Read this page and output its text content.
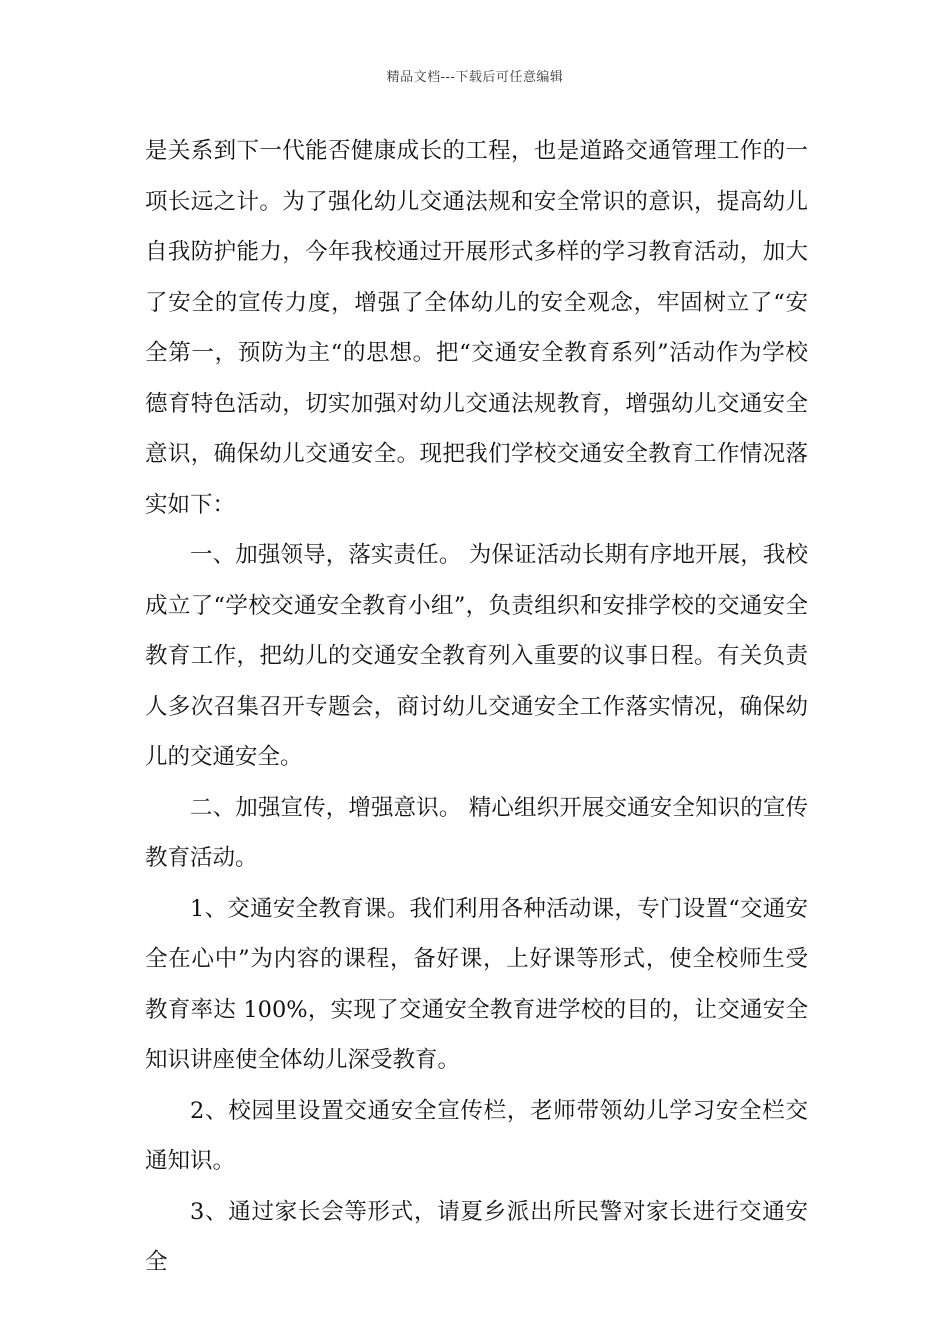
精品文档---下载后可任意编辑

是关系到下一代能否健康成长的工程，也是道路交通管理工作的一项长远之计。为了强化幼儿交通法规和安全常识的意识，提高幼儿自我防护能力，今年我校通过开展形式多样的学习教育活动，加大了安全的宣传力度，增强了全体幼儿的安全观念，牢固树立了“安全第一，预防为主“的思想。把“交通安全教育系列”活动作为学校德育特色活动，切实加强对幼儿交通法规教育，增强幼儿交通安全意识，确保幼儿交通安全。现把我们学校交通安全教育工作情况落实如下：

一、加强领导，落实责任。 为保证活动长期有序地开展，我校成立了“学校交通安全教育小组”，负责组织和安排学校的交通安全教育工作，把幼儿的交通安全教育列入重要的议事日程。有关负责人多次召集召开专题会，商讨幼儿交通安全工作落实情况，确保幼儿的交通安全。

二、加强宣传，增强意识。 精心组织开展交通安全知识的宣传教育活动。

1、交通安全教育课。我们利用各种活动课，专门设置“交通安全在心中”为内容的课程，备好课，上好课等形式，使全校师生受教育率达 100%，实现了交通安全教育进学校的目的，让交通安全知识讲座使全体幼儿深受教育。

2、校园里设置交通安全宣传栏，老师带领幼儿学习安全栏交通知识。

3、通过家长会等形式，请夏乡派出所民警对家长进行交通安全
